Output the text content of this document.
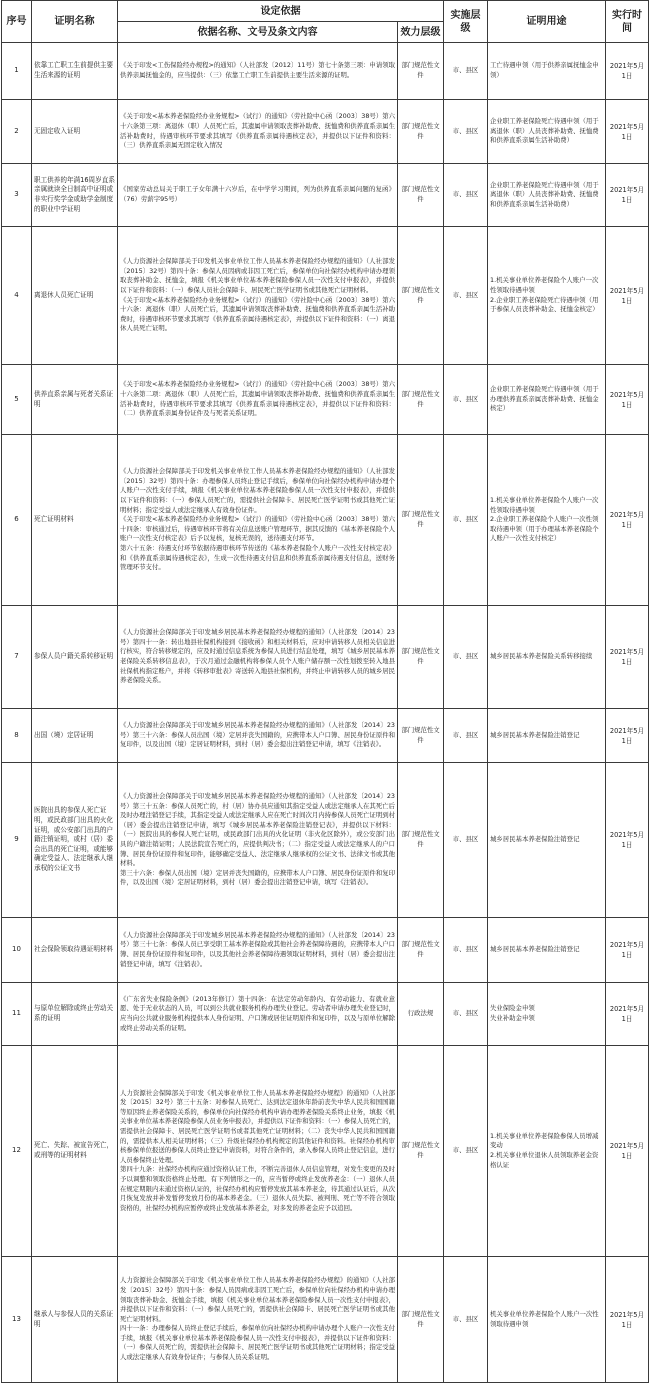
序号	证明名称	设定依据		实施层级	证明用途	实行时间
		依据名称、文号及条文内容	效力层级			
1	依靠工亡职工生前提供主要生活来源的证明	《关于印发<工伤保险经办规程>的通知》（人社部发〔2012〕11号）第七十条第三项：申请领取供养亲属抚恤金的，应当提供：（三）依靠工亡职工生前提供主要生活来源的证明。	部门规范性文件	市、县区	工亡待遇申领（用于供养亲属抚恤金申领）	2021年5月1日
2	无固定收入证明	《关于印发<基本养老保险经办业务规程>（试行）的通知》（劳社险中心函〔2003〕38号）第六十六条第三项：离退休（职）人员死亡后，其遗属申请领取丧葬补助费、抚恤费和供养直系亲属生活补助费时，待遇审核环节要求其填写《供养直系亲属待遇核定表》，并提供以下证件和资料：（三）供养直系亲属无固定收入情况	部门规范性文件	市、县区	企业职工养老保险死亡待遇申领（用于离退休（职）人员丧葬补助费、抚恤费和供养直系亲属生活补助费）	2021年5月1日
3	职工供养的年满16周岁直系亲属就读全日制高中证明或非实行奖学金或助学金制度的职业中学证明	《国家劳动总局关于职工子女年满十六岁后，在中学学习期间，列为供养直系亲属问题的复函》（76）劳薪字95号）	部门规范性文件	市、县区	企业职工养老保险死亡待遇申领（用于离退休（职）人员丧葬补助费、抚恤费和供养直系亲属生活补助费）	2021年5月1日
4	离退休人员死亡证明	《人力资源社会保障部关于印发机关事业单位工作人员基本养老保险经办规程的通知》（人社部发〔2015〕32号）第四十条：参保人员因病或非因工死亡后，参保单位向社保经办机构申请办理领取丧葬补助金、抚恤金，填报《机关事业单位基本养老保险参保人员一次性支付申报表》，并提供以下证件和资料：（一）参保人员社会保障卡、居民死亡医学证明书或其他死亡证明材料。
《关于印发<基本养老保险经办业务规程>（试行）的通知》（劳社险中心函〔2003〕38号）第六十六条：离退休（职）人员死亡后，其遗属申请领取丧葬补助费、抚恤费和供养直系亲属生活补助费时，待遇审核环节要求其填写《供养直系亲属待遇核定表》，并提供以下证件和资料：（一）离退休人员死亡证明。	部门规范性文件	市、县区	1.机关事业单位养老保险个人账户一次性领取待遇申领
2.企业职工养老保险死亡待遇申领（用于参保人员丧葬补助金、抚恤金核定）	2021年5月1日
5	供养直系亲属与死者关系证明	《关于印发<基本养老保险经办业务规程>（试行）的通知》（劳社险中心函〔2003〕38号）第六十六条第二项：离退休（职）人员死亡后，其遗属申请领取丧葬补助费、抚恤费和供养直系亲属生活补助费时，待遇审核环节要求其填写《供养直系亲属待遇核定表》，并提供以下证件和资料：（二）供养直系亲属身份证件及与死者关系证明。	部门规范性文件	市、县区	企业职工养老保险死亡待遇申领（用于办理供养直系亲属丧葬补助费、抚恤金核定）	2021年5月1日
6	死亡证明材料	《人力资源社会保障部关于印发机关事业单位工作人员基本养老保险经办规程的通知》（人社部发〔2015〕32号）第四十条：办理参保人员终止登记手续后，参保单位向社保经办机构申请办理个人账户一次性支付手续，填报《机关事业单位基本养老保险参保人员一次性支付申报表》，并提供以下证件和资料：（一）参保人员死亡的，需提供社会保障卡、居民死亡医学证明书或其他死亡证明材料；指定受益人或法定继承人有效身份证件。
《关于印发<基本养老保险经办业务规程>（试行）的通知》（劳社险中心函〔2003〕38号）第六十四条：审核通过后，待遇审核环节将有关信息送账户管理环节，据其反馈的《基本养老保险个人账户一次性支付核定表》后予以复核，复核无误的，送待遇支付环节。
第六十五条：待遇支付环节依据待遇审核环节传送的《基本养老保险个人账户一次性支付核定表》和《供养直系亲属待遇核定表》，生成一次性待遇支付信息和供养直系亲属待遇支付信息，送财务管理环节支付。	部门规范性文件	市、县区	1.机关事业单位养老保险个人账户一次性领取待遇申领
2.企业职工养老保险个人账户一次性领取待遇申领（用于办理基本养老保险个人账户一次性支付核定）	2021年5月1日
7	参保人员户籍关系转移证明	《人力资源社会保障部关于印发城乡居民基本养老保险经办规程的通知》（人社部发〔2014〕23号）第四十一条：转出地县社保机构接到《接收函》和相关材料后，应对申请转移人员相关信息进行核实，符合转移规定的，应及时通过信息系统为参保人员进行结息处理，填写《城乡居民基本养老保险关系转移信息表》，于次月通过金融机构将参保人员个人账户储存额一次性划拨至转入地县社保机构指定账户，并将《转移审批表》寄送转入地县社保机构，并终止申请转移人员的城乡居民养老保险关系。	部门规范性文件	市、县区	城乡居民基本养老保险关系转移接续	2021年5月1日
8	出国（境）定居证明	《人力资源社会保障部关于印发城乡居民基本养老保险经办规程的通知》（人社部发〔2014〕23号）第三十六条：参保人员出国（境）定居并丧失国籍的，应携带本人户口簿、居民身份证原件和复印件，以及出国（境）定居证明材料，到村（居）委会提出注销登记申请，填写《注销表》。	部门规范性文件	市、县区	城乡居民基本养老保险注销登记	2021年5月1日
9	医院出具的参保人死亡证明，或民政部门出具的火化证明，或公安部门出具的户籍注销证明，或村（居）委会出具的死亡证明，或能够确定受益人、法定继承人继承权的公证文书	《人力资源社会保障部关于印发城乡居民基本养老保险经办规程的通知》（人社部发〔2014〕23号）第三十五条：参保人员死亡的，村（居）协办员应通知其指定受益人或法定继承人在其死亡后及时办理注销登记手续，其指定受益人或法定继承人应在死亡时间次月内持参保人员死亡证明到村（居）委会提出注销登记申请，填写《城乡居民基本养老保险注销登记表》，并提供以下材料：（一）医院出具的参保人死亡证明，或民政部门出具的火化证明（非火化区除外），或公安部门出具的户籍注销证明；人民法院宣告死亡的，应提供判决书；（二）指定受益人或法定继承人的户口簿、居民身份证原件和复印件，能够确定受益人、法定继承人继承权的公证文书、法律文书或其他材料。
第三十六条：参保人员出国（境）定居并丧失国籍的，应携带本人户口簿、居民身份证原件和复印件，以及出国（境）定居证明材料，到村（居）委会提出注销登记申请，填写《注销表》。	部门规范性文件	市、县区	城乡居民基本养老保险注销登记	2021年5月1日
10	社会保险领取待遇证明材料	《人力资源社会保障部关于印发城乡居民基本养老保险经办规程的通知》（人社部发〔2014〕23号）第三十七条：参保人员已享受职工基本养老保险或其他社会养老保障待遇的，应携带本人户口簿、居民身份证原件和复印件，以及其他社会养老保障待遇领取证明材料，到村（居）委会提出注销登记申请，填写《注销表》。	部门规范性文件	市、县区	城乡居民基本养老保险注销登记	2021年5月1日
11	与原单位解除或终止劳动关系的证明	《广东省失业保险条例》（2013年修订）第十四条：在法定劳动年龄内、有劳动能力、有就业意愿、处于无业状态的人员，可以到公共就业服务机构办理失业登记。劳动者申请办理失业登记时，应当向公共就业服务机构提供本人身份证明、户口簿或居住证明原件和复印件，以及与原单位解除或终止劳动关系的证明。	行政法规	市、县区	失业保险金申领
失业补助金申领	2021年5月1日
12	死亡、失踪、被宣告死亡，或刑等的证明材料	人力资源社会保障部关于印发《机关事业单位工作人员基本养老保险经办规程》的通知》（人社部发〔2015〕32号）第三十五条：对参保人员死亡、达到法定退休年龄前丧失中华人民共和国国籍等原因终止养老保险关系的，参保单位向社保经办机构申请办理养老保险关系终止业务，填报《机关事业单位基本养老保险参保人员业务申报表》，并提供以下证件和资料：（一）参保人员死亡的，需提供社会保障卡、居民死亡医学证明书或者其他死亡证明材料；（二）丧失中华人民共和国国籍的，需提供本人相关证明材料；（三）升级社保经办机构规定的其他证件和资料。社保经办机构审核参保单位报送的参保人员终止登记申请资料，对符合条件的，录入参保人员终止登记信息，进行人员参保终止处理。
第四十九条：社保经办机构应通过资格认证工作，不断完善退休人员信息管理，对发生变更的及时予以调整和领取资格终止处理。有下列情形之一的，应当暂停或终止发放养老金：（一）退休人员在规定期限内未通过资格认证的，社保经办机构应暂停发放其基本养老金，待其通过认证后，从次月恢复发放并补发暂停发放月份的基本养老金。（三）退休人员失踪、被判刑、死亡等不符合领取资格的，社保经办机构应暂停或终止发放基本养老金，对多发的养老金应予以追回。	部门规范性文件	市、县区	1.机关事业单位养老保险参保人员增减变动
2.机关事业单位退休人员领取养老金资格认证	2021年5月1日
13	继承人与参保人员的关系证明	人力资源社会保障部关于印发《机关事业单位工作人员基本养老保险经办规程》的通知》（人社部发〔2015〕32号）第四十条：参保人员因病或非因工死亡后，参保单位向社保经办机构申请办理领取丧葬补助金、抚恤金手续，填报《机关事业单位基本养老保险参保人员一次性支付申报表》，并提供以下证件和资料：（一）参保人员死亡的，需提供社会保障卡、居民死亡医学证明书或其他死亡证明材料。
四十一条：办理参保人员终止登记手续后，参保单位向社保经办机构申请办理个人账户一次性支付手续，填报《机关事业单位基本养老保险参保人员一次性支付申报表》，并提供以下证件和资料：（一）参保人员死亡的，需提供社会保障卡、居民死亡医学证明书或其他死亡证明材料；指定受益人或法定继承人有效身份证件；与参保人员关系证明。	部门规范性文件	市、县区	机关事业单位养老保险个人账户一次性领取待遇申领	2021年5月1日
